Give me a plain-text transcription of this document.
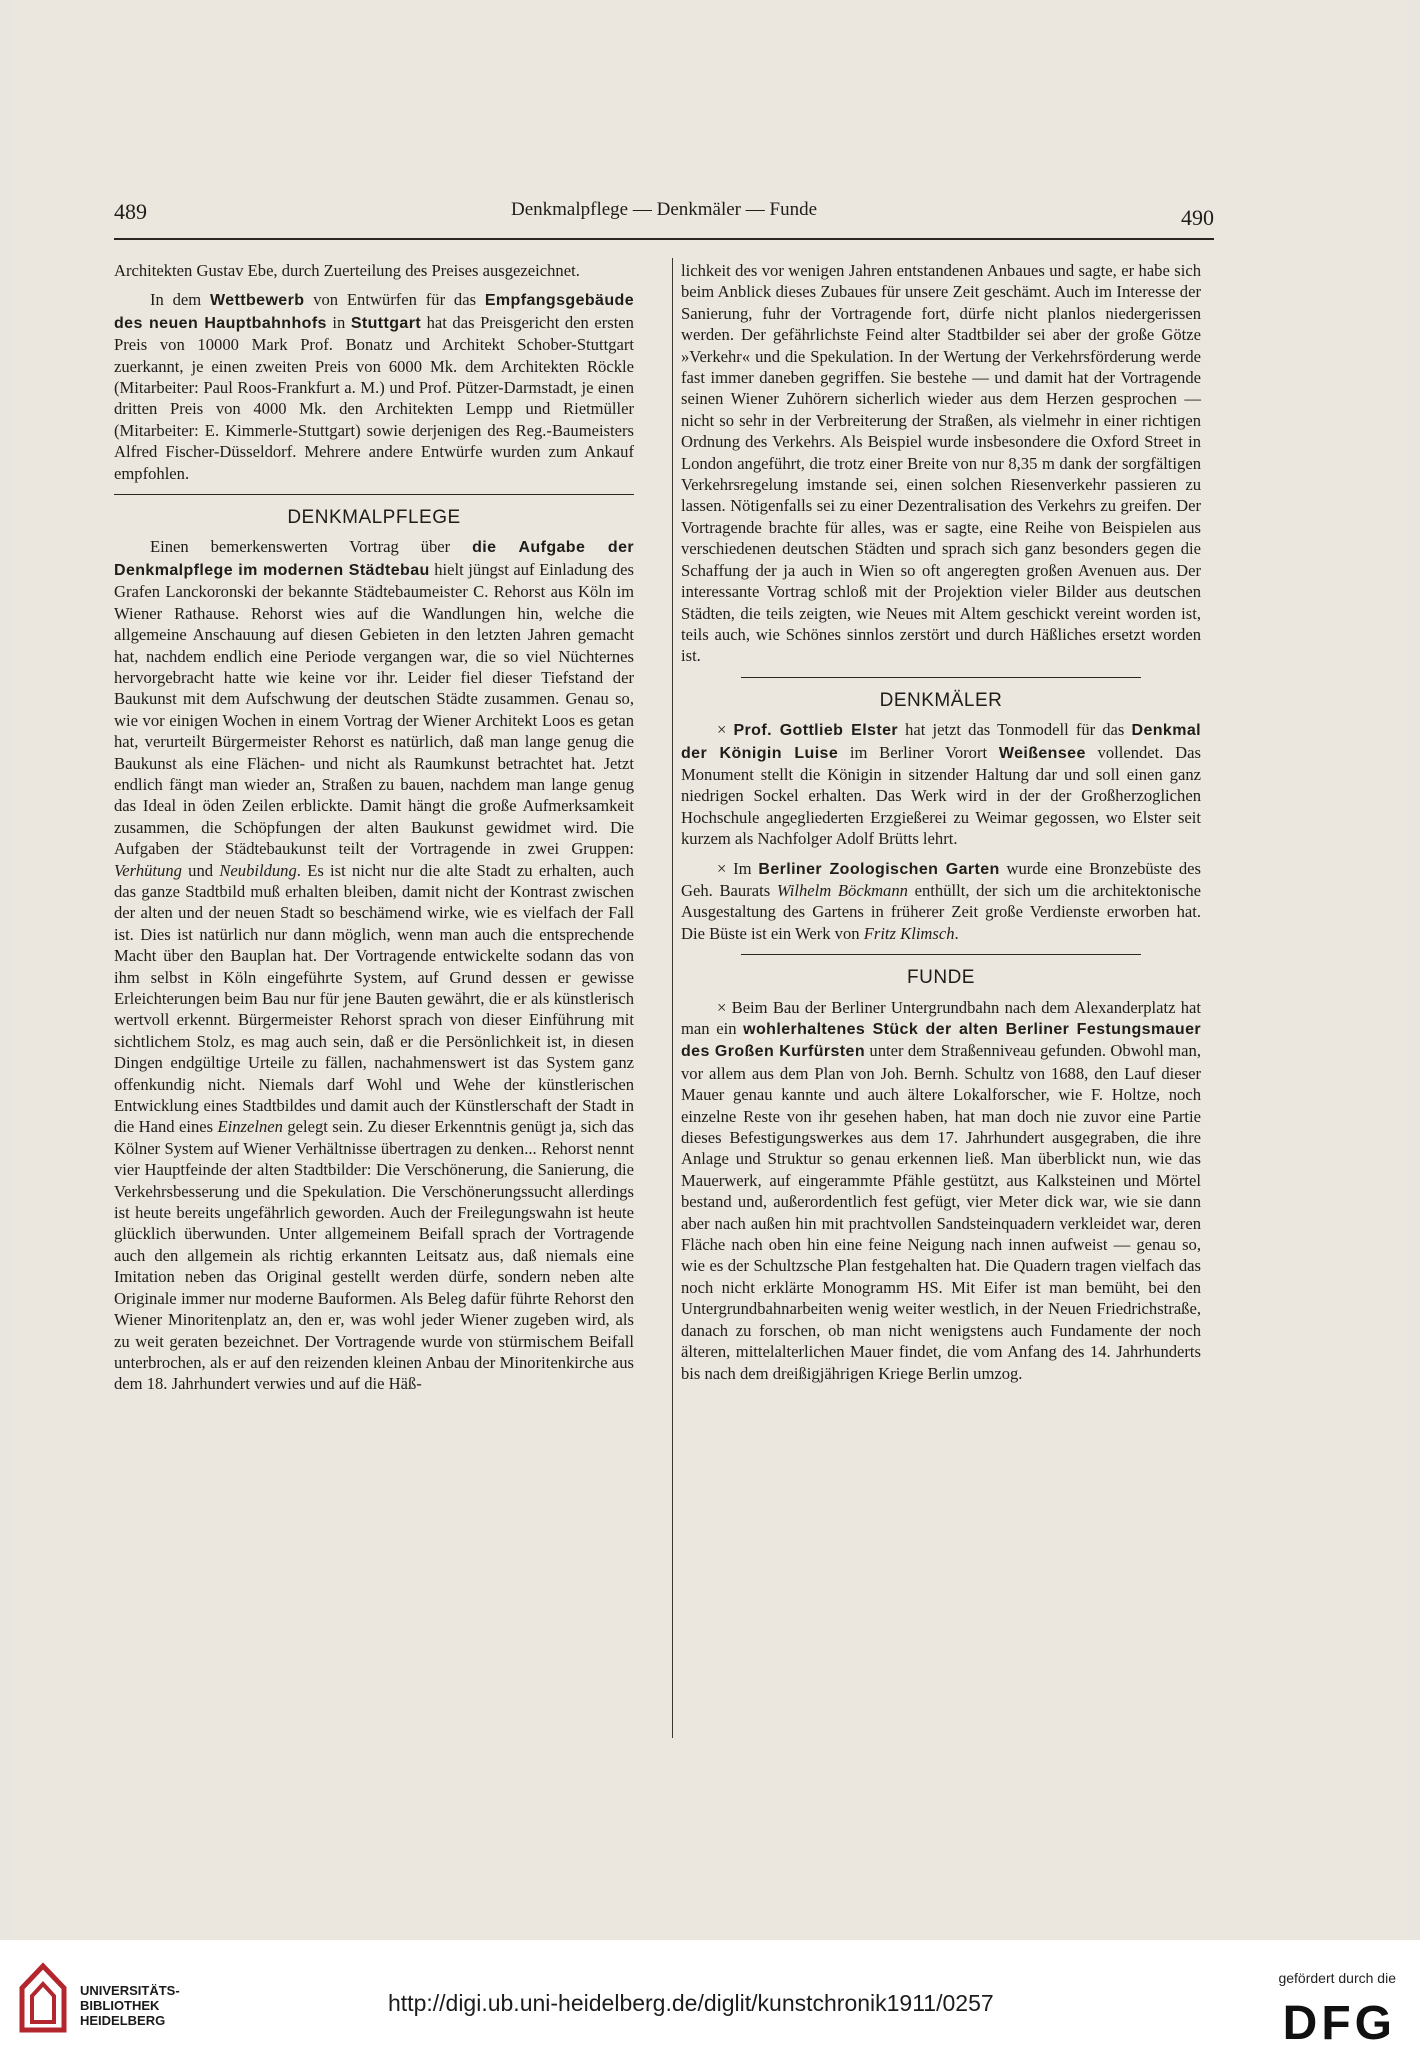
489	Denkmalpflege — Denkmäler — Funde	490

Architekten Gustav Ebe, durch Zuerteilung des Preises ausgezeichnet.

In dem Wettbewerb von Entwürfen für das Empfangsgebäude des neuen Hauptbahnhofs in Stuttgart hat das Preisgericht den ersten Preis von 10000 Mark Prof. Bonatz und Architekt Schober-Stuttgart zuerkannt, je einen zweiten Preis von 6000 Mk. dem Architekten Röckle (Mitarbeiter: Paul Roos-Frankfurt a. M.) und Prof. Pützer-Darmstadt, je einen dritten Preis von 4000 Mk. den Architekten Lempp und Rietmüller (Mitarbeiter: E. Kimmerle-Stuttgart) sowie derjenigen des Reg.-Baumeisters Alfred Fischer-Düsseldorf. Mehrere andere Entwürfe wurden zum Ankauf empfohlen.

DENKMALPFLEGE

Einen bemerkenswerten Vortrag über die Aufgabe der Denkmalpflege im modernen Städtebau hielt jüngst auf Einladung des Grafen Lanckoronski der bekannte Städtebaumeister C. Rehorst aus Köln im Wiener Rathause. Rehorst wies auf die Wandlungen hin, welche die allgemeine Anschauung auf diesen Gebieten in den letzten Jahren gemacht hat, nachdem endlich eine Periode vergangen war, die so viel Nüchternes hervorgebracht hatte wie keine vor ihr. Leider fiel dieser Tiefstand der Baukunst mit dem Aufschwung der deutschen Städte zusammen. Genau so, wie vor einigen Wochen in einem Vortrag der Wiener Architekt Loos es getan hat, verurteilt Bürgermeister Rehorst es natürlich, daß man lange genug die Baukunst als eine Flächen- und nicht als Raumkunst betrachtet hat. Jetzt endlich fängt man wieder an, Straßen zu bauen, nachdem man lange genug das Ideal in öden Zeilen erblickte. Damit hängt die große Aufmerksamkeit zusammen, die Schöpfungen der alten Baukunst gewidmet wird. Die Aufgaben der Städtebaukunst teilt der Vortragende in zwei Gruppen: Verhütung und Neubildung. Es ist nicht nur die alte Stadt zu erhalten, auch das ganze Stadtbild muß erhalten bleiben, damit nicht der Kontrast zwischen der alten und der neuen Stadt so beschämend wirke, wie es vielfach der Fall ist. Dies ist natürlich nur dann möglich, wenn man auch die entsprechende Macht über den Bauplan hat. Der Vortragende entwickelte sodann das von ihm selbst in Köln eingeführte System, auf Grund dessen er gewisse Erleichterungen beim Bau nur für jene Bauten gewährt, die er als künstlerisch wertvoll erkennt. Bürgermeister Rehorst sprach von dieser Einführung mit sichtlichem Stolz, es mag auch sein, daß er die Persönlichkeit ist, in diesen Dingen endgültige Urteile zu fällen, nachahmenswert ist das System ganz offenkundig nicht. Niemals darf Wohl und Wehe der künstlerischen Entwicklung eines Stadtbildes und damit auch der Künstlerschaft der Stadt in die Hand eines Einzelnen gelegt sein. Zu dieser Erkenntnis genügt ja, sich das Kölner System auf Wiener Verhältnisse übertragen zu denken... Rehorst nennt vier Hauptfeinde der alten Stadtbilder: Die Verschönerung, die Sanierung, die Verkehrsbesserung und die Spekulation. Die Verschönerungssucht allerdings ist heute bereits ungefährlich geworden. Auch der Freilegungswahn ist heute glücklich überwunden. Unter allgemeinem Beifall sprach der Vortragende auch den allgemein als richtig erkannten Leitsatz aus, daß niemals eine Imitation neben das Original gestellt werden dürfe, sondern neben alte Originale immer nur moderne Bauformen. Als Beleg dafür führte Rehorst den Wiener Minoritenplatz an, den er, was wohl jeder Wiener zugeben wird, als zu weit geraten bezeichnet. Der Vortragende wurde von stürmischem Beifall unterbrochen, als er auf den reizenden kleinen Anbau der Minoritenkirche aus dem 18. Jahrhundert verwies und auf die Häß-

lichkeit des vor wenigen Jahren entstandenen Anbaues und sagte, er habe sich beim Anblick dieses Zubaues für unsere Zeit geschämt. Auch im Interesse der Sanierung, fuhr der Vortragende fort, dürfe nicht planlos niedergerissen werden. Der gefährlichste Feind alter Stadtbilder sei aber der große Götze »Verkehr« und die Spekulation. In der Wertung der Verkehrsförderung werde fast immer daneben gegriffen. Sie bestehe — und damit hat der Vortragende seinen Wiener Zuhörern sicherlich wieder aus dem Herzen gesprochen — nicht so sehr in der Verbreiterung der Straßen, als vielmehr in einer richtigen Ordnung des Verkehrs. Als Beispiel wurde insbesondere die Oxford Street in London angeführt, die trotz einer Breite von nur 8,35 m dank der sorgfältigen Verkehrsregelung imstande sei, einen solchen Riesenverkehr passieren zu lassen. Nötigenfalls sei zu einer Dezentralisation des Verkehrs zu greifen. Der Vortragende brachte für alles, was er sagte, eine Reihe von Beispielen aus verschiedenen deutschen Städten und sprach sich ganz besonders gegen die Schaffung der ja auch in Wien so oft angeregten großen Avenuen aus. Der interessante Vortrag schloß mit der Projektion vieler Bilder aus deutschen Städten, die teils zeigten, wie Neues mit Altem geschickt vereint worden ist, teils auch, wie Schönes sinnlos zerstört und durch Häßliches ersetzt worden ist.

DENKMÄLER

× Prof. Gottlieb Elster hat jetzt das Tonmodell für das Denkmal der Königin Luise im Berliner Vorort Weißensee vollendet. Das Monument stellt die Königin in sitzender Haltung dar und soll einen ganz niedrigen Sockel erhalten. Das Werk wird in der der Großherzoglichen Hochschule angegliederten Erzgießerei zu Weimar gegossen, wo Elster seit kurzem als Nachfolger Adolf Brütts lehrt.

× Im Berliner Zoologischen Garten wurde eine Bronzebüste des Geh. Baurats Wilhelm Böckmann enthüllt, der sich um die architektonische Ausgestaltung des Gartens in früherer Zeit große Verdienste erworben hat. Die Büste ist ein Werk von Fritz Klimsch.

FUNDE

× Beim Bau der Berliner Untergrundbahn nach dem Alexanderplatz hat man ein wohlerhaltenes Stück der alten Berliner Festungsmauer des Großen Kurfürsten unter dem Straßenniveau gefunden. Obwohl man, vor allem aus dem Plan von Joh. Bernh. Schultz von 1688, den Lauf dieser Mauer genau kannte und auch ältere Lokalforscher, wie F. Holtze, noch einzelne Reste von ihr gesehen haben, hat man doch nie zuvor eine Partie dieses Befestigungswerkes aus dem 17. Jahrhundert ausgegraben, die ihre Anlage und Struktur so genau erkennen ließ. Man überblickt nun, wie das Mauerwerk, auf eingerammte Pfähle gestützt, aus Kalksteinen und Mörtel bestand und, außerordentlich fest gefügt, vier Meter dick war, wie sie dann aber nach außen hin mit prachtvollen Sandsteinquadern verkleidet war, deren Fläche nach oben hin eine feine Neigung nach innen aufweist — genau so, wie es der Schultzsche Plan festgehalten hat. Die Quadern tragen vielfach das noch nicht erklärte Monogramm HS. Mit Eifer ist man bemüht, bei den Untergrundbahnarbeiten wenig weiter westlich, in der Neuen Friedrichstraße, danach zu forschen, ob man nicht wenigstens auch Fundamente der noch älteren, mittelalterlichen Mauer findet, die vom Anfang des 14. Jahrhunderts bis nach dem dreißigjährigen Kriege Berlin umzog.

UNIVERSITÄTS-
BIBLIOTHEK
HEIDELBERG
http://digi.ub.uni-heidelberg.de/diglit/kunstchronik1911/0257
gefördert durch die
DFG
